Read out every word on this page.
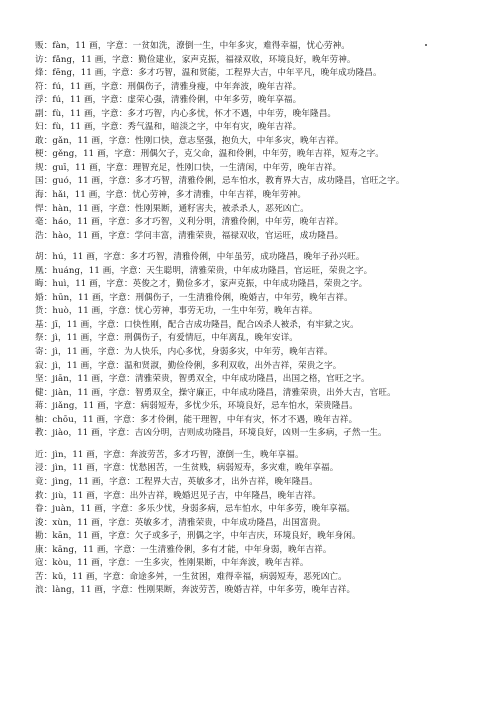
贩：fàn，11 画，字意：一贫如洗，潦倒一生，中年多灾，难得幸福，忧心劳神。
访：fǎng，11 画，字意：勤俭建业，家声克振，福禄双收，环境良好，晚年劳神。
烽：fēng，11 画，字意：多才巧智，温和贤能，工程界大吉，中年平凡，晚年成功隆昌。
符：fú，11 画，字意：刑偶伤子，清雅身瘦，中年奔波，晚年吉祥。
浮：fú，11 画，字意：虚荣心强，清雅伶俐，中年多劳，晚年享福。
副：fù，11 画，字意：多才巧智，内心多忧，怀才不遇，中年劳，晚年隆昌。
妇：fù，11 画，字意：秀气温和，暗淡之字，中年有灾，晚年吉祥。
敢：gǎn，11 画，字意：性刚口快，意志坚强，抱负大，中年多灾，晚年吉祥。
梗：gěng，11 画，字意：刑偶欠子，克父命，温和伶俐，中年劳，晚年吉祥，短寿之字。
规：guī，11 画，字意：理智充足，性刚口快，一生清闲，中年劳，晚年吉祥。
国：guó，11 画，字意：多才巧智，清雅伶俐，忌车怕水，教育界大吉，成功隆昌，官旺之字。
海：hǎi，11 画，字意：忧心劳神，多才清雅，中年吉祥，晚年劳神。
悍：hàn，11 画，字意：性刚果断，通籽害夫，被杀杀人，恶死凶亡。
毫：háo，11 画，字意：多才巧智，义利分明，清雅伶俐，中年劳，晚年吉祥。
浩：hào，11 画，字意：学问丰富，清雅荣贵，福禄双收，官运旺，成功隆昌。
胡：hú，11 画，字意：多才巧智，清雅伶俐，中年虽劳，成功隆昌，晚年子孙兴旺。
凰：huáng，11 画，字意：天生聪明，清雅荣贵，中年成功隆昌，官运旺，荣贵之字。
晦：huì，11 画，字意：英俊之才，勤俭多才，家声克振，中年成功隆昌，荣贵之字。
婚：hūn，11 画，字意：刑偶伤子，一生清雅伶俐，晚婚吉，中年劳，晚年吉祥。
货：huò，11 画，字意：忧心劳神，事劳无功，一生中年劳，晚年吉祥。
基：jī，11 画，字意：口快性刚，配合吉成功隆昌，配合凶杀人被杀，有牢狱之灾。
祭：jì，11 画，字意：刑偶伤子，有爱情厄，中年离乱，晚年安详。
寄：jì，11 画，字意：为人快乐，内心多忧，身弱多灾，中年劳，晚年吉祥。
寂：jì，11 画，字意：温和贤淑，勤俭伶俐，多利双收，出外吉祥，荣贵之字。
坚：jiān，11 画，字意：清雅荣贵，智勇双全，中年成功隆昌，出国之格，官旺之字。
健：jiàn，11 画，字意：智勇双全，操守廉正，中年成功隆昌，清雅荣贵，出外大吉，官旺。
蒋：jiǎng，11 画，字意：病弱短寿，多忧少乐，环境良好，忌车怕水，荣贵隆昌。
柚：chōu，11 画，字意：多才伶俐，能干理智，中年有灾，怀才不遇，晚年吉祥。
教：jiào，11 画，字意：吉凶分明，吉则成功隆昌，环境良好，凶则一生多病，孑然一生。
近：jìn，11 画，字意：奔波劳苦，多才巧智，潦倒一生，晚年享福。
浸：jìn，11 画，字意：忧愁困苦，一生贫贱，病弱短寿，多灾难，晚年享福。
竟：jìng，11 画，字意：工程界大吉，英敏多才，出外吉祥，晚年隆昌。
救：jiù，11 画，字意：出外吉祥，晚婚迟见子吉，中年隆昌，晚年吉祥。
眷：juàn，11 画，字意：多乐少忧，身弱多病，忌车怕水，中年多劳，晚年享福。
浚：xùn，11 画，字意：英敏多才，清雅荣贵，中年成功隆昌，出国富贵。
勘：kān，11 画，字意：欠子或多子，刑偶之字，中年吉庆，环境良好，晚年身闲。
康：kāng，11 画，字意：一生清雅伶俐，多有才能，中年身弱，晚年吉祥。
寇：kòu，11 画，字意：一生多灾，性刚果断，中年奔波，晚年吉祥。
苦：kǔ，11 画，字意：命途多舛，一生贫困，难得幸福，病弱短寿，恶死凶亡。
浪：làng，11 画，字意：性刚果断，奔波劳苦，晚婚吉祥，中年多劳，晚年吉祥。
